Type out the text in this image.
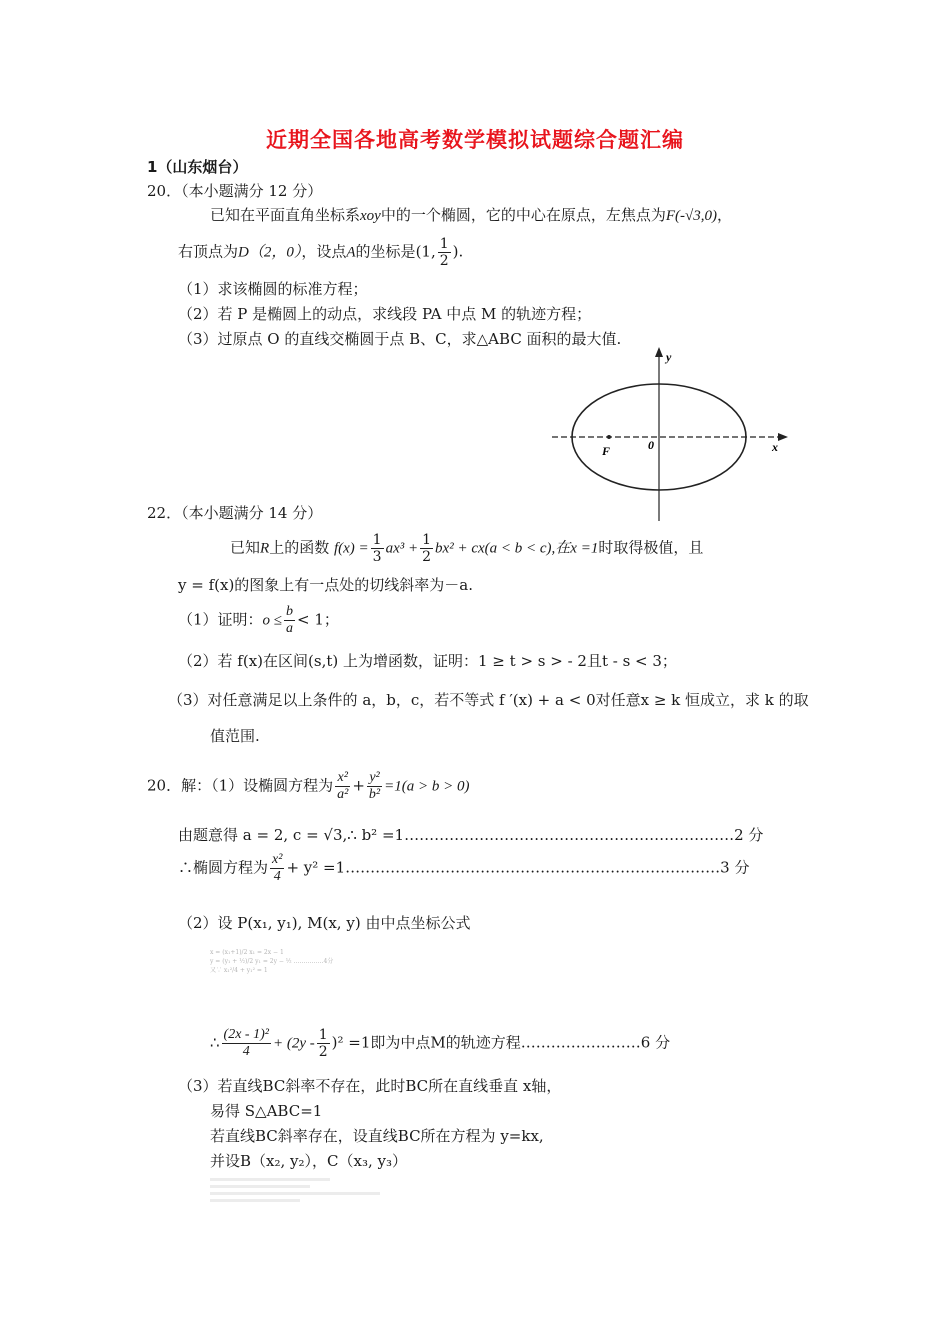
近期全国各地高考数学模拟试题综合题汇编
1（山东烟台）
20．（本小题满分 12 分）
已知在平面直角坐标系xoy中的一个椭圆，它的中心在原点，左焦点为F(-√3,0)，
右顶点为D（2，0），设点A的坐标是(1, $\frac{1}{2}$ ).
（1）求该椭圆的标准方程；
（2）若 P 是椭圆上的动点，求线段 PA 中点 M 的轨迹方程；
（3）过原点 O 的直线交椭圆于点 B、C，求△ABC 面积的最大值.
y
x
F	0
22．（本小题满分 14 分）
已知R上的函数 $f(x) = \frac{1}{3} ax^3 + \frac{1}{2} bx^2 + cx(a < b < c)$,在x =1时取得极值，且
y = f(x)的图象上有一点处的切线斜率为－a.
（1）证明：$o \le \frac{b}{a} < 1$；
（2）若 f(x)在区间(s,t) 上为增函数，证明：1 ≥ t > s > - 2且t - s < 3；
（3）对任意满足以上条件的 a，b，c，若不等式 f ′(x) + a < 0对任意x ≥ k 恒成立，求 k 的取
值范围.
20．解：（1）设椭圆方程为 $\frac{\text{x²}}{\text{a²}} + \frac{\text{y²}}{\text{b²}} =1(a > b > 0)$
由题意得 a = 2, c = √3,∴ b² =1…………………………………………………………2 分
∴椭圆方程为 $\frac{\text{x²}}{4} + y^2$ =1…………………………………………………………………3 分
（2）设 P(x₁, y₁), M(x, y) 由中点坐标公式
x = (x₁+1)/2 x₁ = 2x − 1
y = (y₁ + ½)/2 y₁ = 2y − ½ ……………4分
又∵ x₁²/4 + y₁² = 1
∴ $\frac{\text{(2x - 1)²}}{4} + (2y - \frac{1}{2} )^2 =1$即为中点M的轨迹方程……………………6 分
（3）若直线BC斜率不存在，此时BC所在直线垂直 x轴，
易得 S△ABC=1
若直线BC斜率存在，设直线BC所在方程为 y=kx,
并设B（x₂, y₂），C（x₃, y₃）
